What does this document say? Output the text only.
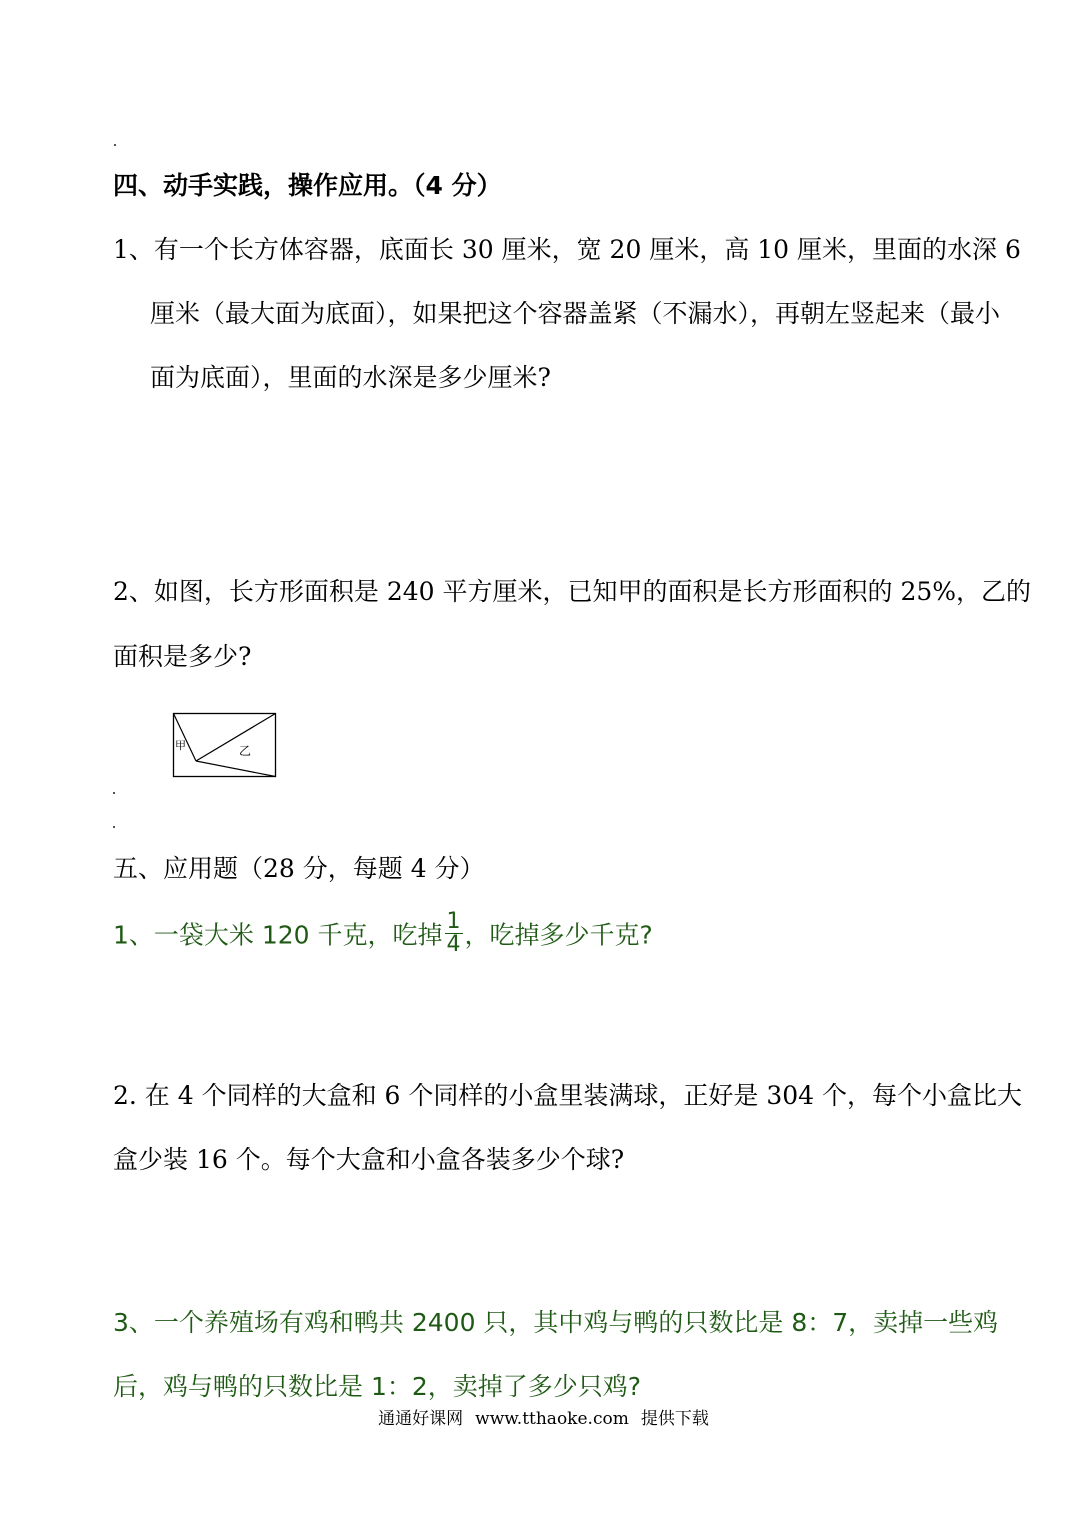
四、动手实践，操作应用。（4 分）
1、有一个长方体容器，底面长 30 厘米，宽 20 厘米，高 10 厘米，里面的水深 6
厘米（最大面为底面），如果把这个容器盖紧（不漏水），再朝左竖起来（最小
面为底面），里面的水深是多少厘米?
2、如图，长方形面积是 240 平方厘米，已知甲的面积是长方形面积的 25%，乙的
面积是多少?
甲	乙
五、应用题（28 分，每题 4 分）
1、一袋大米 120 千克，吃掉 $\frac{1}{4}$ ，吃掉多少千克?
2. 在 4 个同样的大盒和 6 个同样的小盒里装满球，正好是 304 个，每个小盒比大
盒少装 16 个。每个大盒和小盒各装多少个球?
3、一个养殖场有鸡和鸭共 2400 只，其中鸡与鸭的只数比是 8：7，卖掉一些鸡
后，鸡与鸭的只数比是 1：2，卖掉了多少只鸡?
通通好课网 www.tthaoke.com 提供下载
